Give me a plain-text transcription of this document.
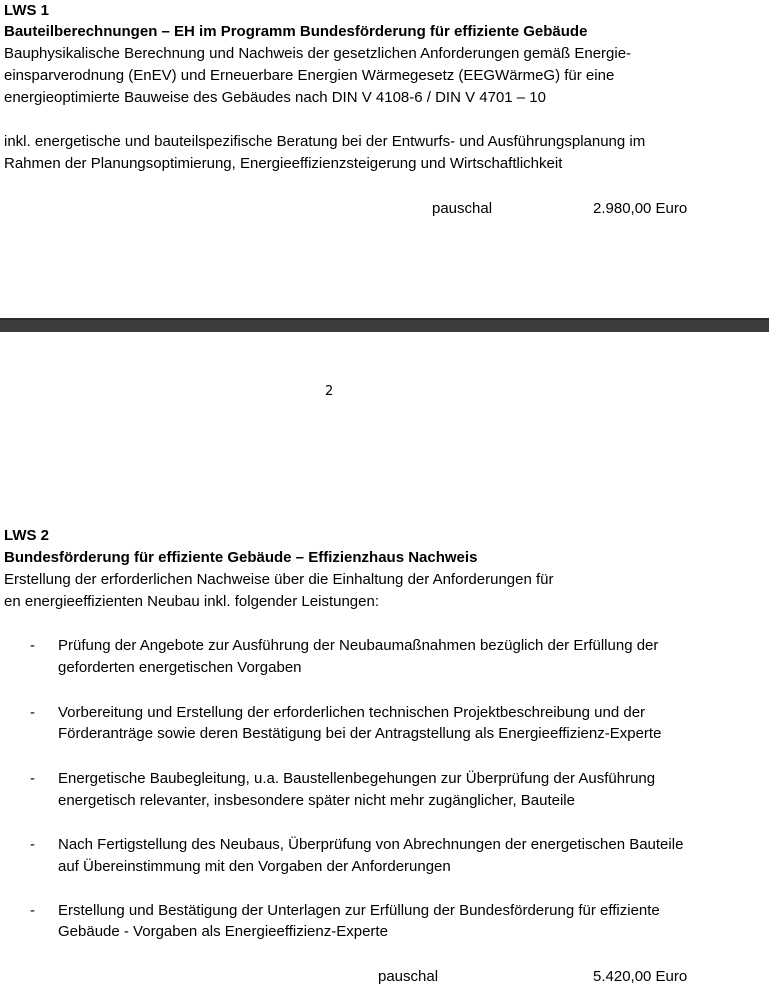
LWS 1
Bauteilberechnungen – EH im Programm Bundesförderung für effiziente Gebäude
Bauphysikalische Berechnung und Nachweis der gesetzlichen Anforderungen gemäß Energie-
einsparverodnung (EnEV) und Erneuerbare Energien Wärmegesetz (EEGWärmeG) für eine
energieoptimierte Bauweise des Gebäudes nach DIN V 4108-6 / DIN V 4701 – 10
inkl. energetische und bauteilspezifische Beratung bei der Entwurfs- und Ausführungsplanung im
Rahmen der Planungsoptimierung, Energieeffizienzsteigerung und Wirtschaftlichkeit
pauschal	2.980,00 Euro
2
LWS 2
Bundesförderung für effiziente Gebäude – Effizienzhaus Nachweis
Erstellung der erforderlichen Nachweise über die Einhaltung der Anforderungen für
en energieeffizienten Neubau inkl. folgender Leistungen:
- Prüfung der Angebote zur Ausführung der Neubaumaßnahmen bezüglich der Erfüllung der
geforderten energetischen Vorgaben
- Vorbereitung und Erstellung der erforderlichen technischen Projektbeschreibung und der
Förderanträge sowie deren Bestätigung bei der Antragstellung als Energieeffizienz-Experte
- Energetische Baubegleitung, u.a. Baustellenbegehungen zur Überprüfung der Ausführung
energetisch relevanter, insbesondere später nicht mehr zugänglicher, Bauteile
- Nach Fertigstellung des Neubaus, Überprüfung von Abrechnungen der energetischen Bauteile
auf Übereinstimmung mit den Vorgaben der Anforderungen
- Erstellung und Bestätigung der Unterlagen zur Erfüllung der Bundesförderung für effiziente
Gebäude - Vorgaben als Energieeffizienz-Experte
pauschal	5.420,00 Euro
